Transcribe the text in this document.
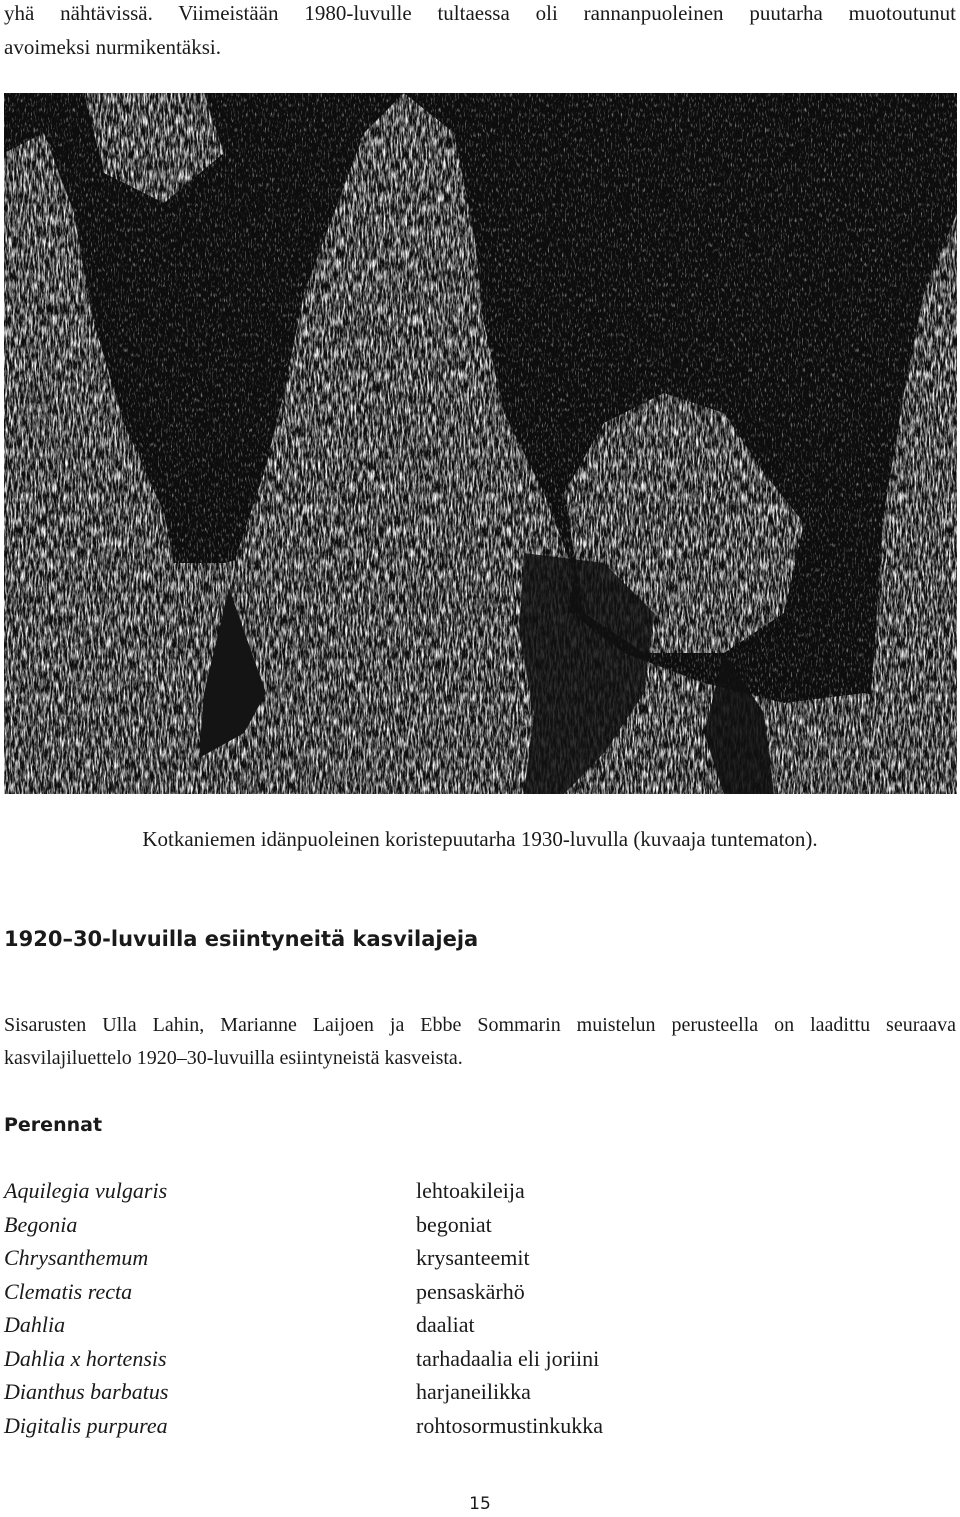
yhä nähtävissä. Viimeistään 1980-luvulle tultaessa oli rannanpuoleinen puutarha muotoutunut
avoimeksi nurmikentäksi.
Kotkaniemen idänpuoleinen koristepuutarha 1930-luvulla (kuvaaja tuntematon).
1920–30-luvuilla esiintyneitä kasvilajeja
Sisarusten Ulla Lahin, Marianne Laijoen ja Ebbe Sommarin muistelun perusteella on laadittu seuraava
kasvilajiluettelo 1920–30-luvuilla esiintyneistä kasveista.
Perennat
Aquilegia vulgaris	lehtoakileija
Begonia	begoniat
Chrysanthemum	krysanteemit
Clematis recta	pensaskärhö
Dahlia	daaliat
Dahlia x hortensis	tarhadaalia eli joriini
Dianthus barbatus	harjaneilikka
Digitalis purpurea	rohtosormustinkukka
15
